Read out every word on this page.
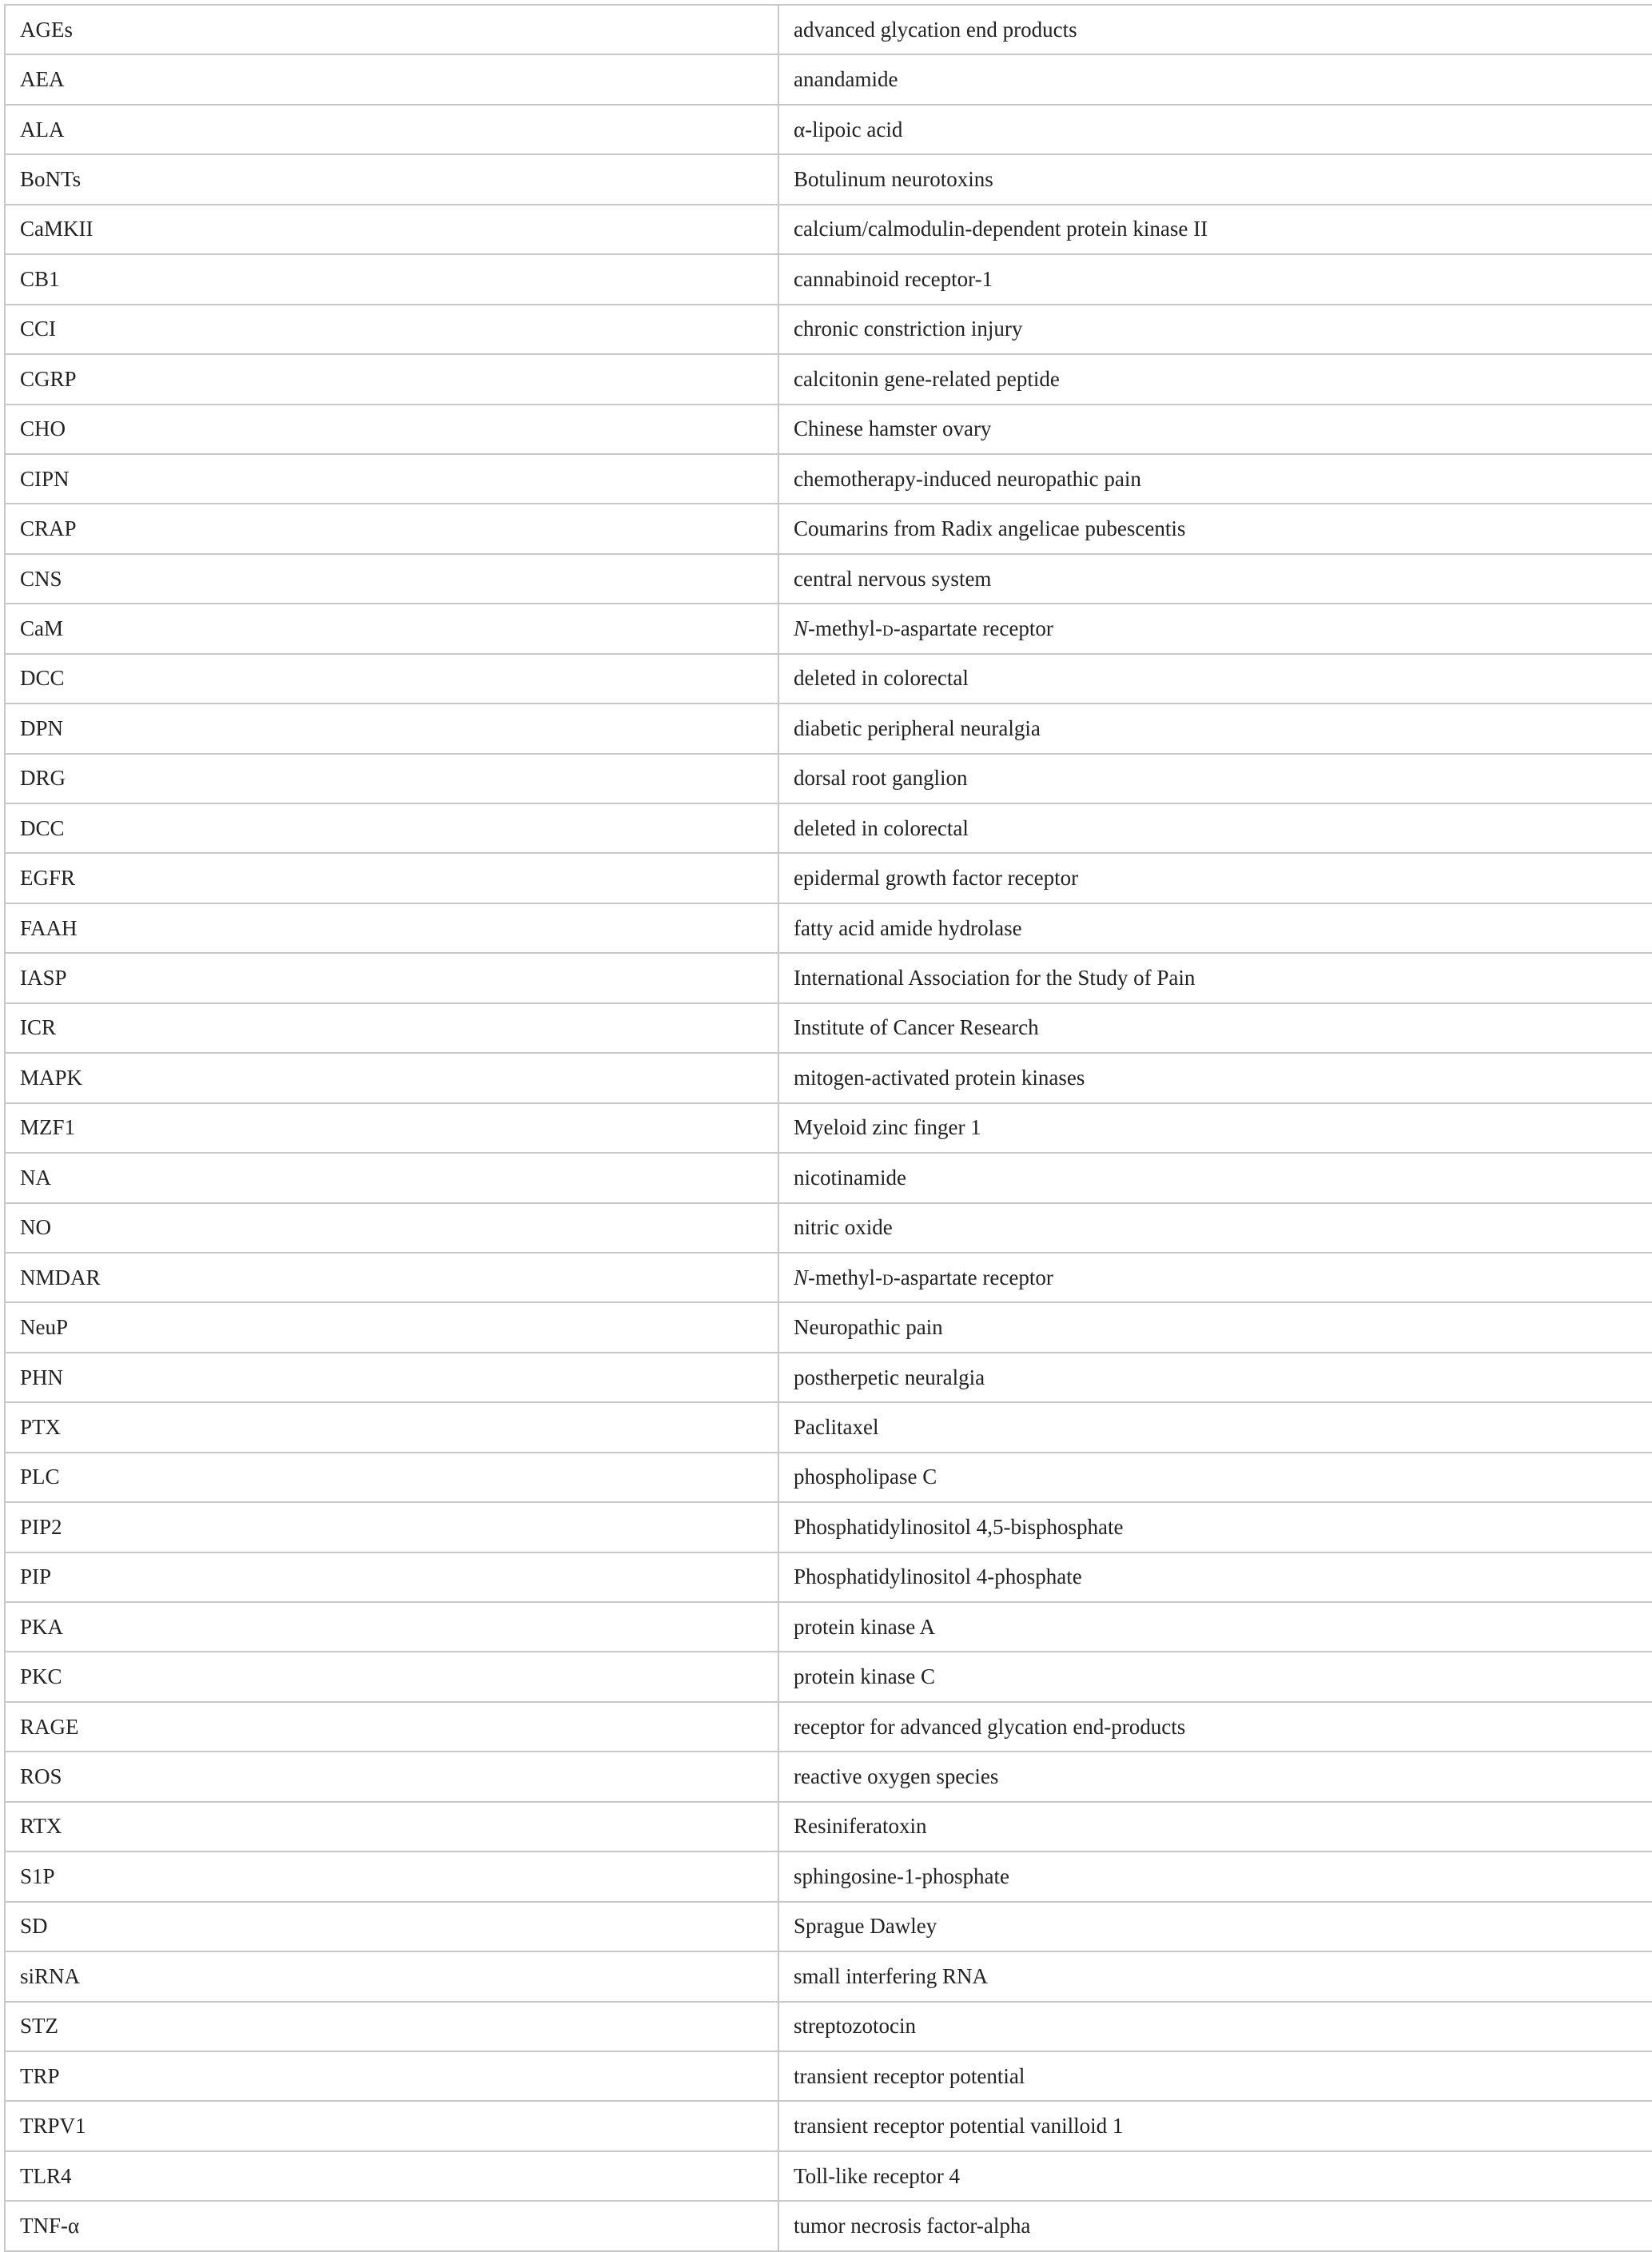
AGEs	advanced glycation end products
AEA	anandamide
ALA	α-lipoic acid
BoNTs	Botulinum neurotoxins
CaMKII	calcium/calmodulin-dependent protein kinase II
CB1	cannabinoid receptor-1
CCI	chronic constriction injury
CGRP	calcitonin gene-related peptide
CHO	Chinese hamster ovary
CIPN	chemotherapy-induced neuropathic pain
CRAP	Coumarins from Radix angelicae pubescentis
CNS	central nervous system
CaM	N-methyl-d-aspartate receptor
DCC	deleted in colorectal
DPN	diabetic peripheral neuralgia
DRG	dorsal root ganglion
DCC	deleted in colorectal
EGFR	epidermal growth factor receptor
FAAH	fatty acid amide hydrolase
IASP	International Association for the Study of Pain
ICR	Institute of Cancer Research
MAPK	mitogen-activated protein kinases
MZF1	Myeloid zinc finger 1
NA	nicotinamide
NO	nitric oxide
NMDAR	N-methyl-d-aspartate receptor
NeuP	Neuropathic pain
PHN	postherpetic neuralgia
PTX	Paclitaxel
PLC	phospholipase C
PIP2	Phosphatidylinositol 4,5-bisphosphate
PIP	Phosphatidylinositol 4-phosphate
PKA	protein kinase A
PKC	protein kinase C
RAGE	receptor for advanced glycation end-products
ROS	reactive oxygen species
RTX	Resiniferatoxin
S1P	sphingosine-1-phosphate
SD	Sprague Dawley
siRNA	small interfering RNA
STZ	streptozotocin
TRP	transient receptor potential
TRPV1	transient receptor potential vanilloid 1
TLR4	Toll-like receptor 4
TNF-α	tumor necrosis factor-alpha
